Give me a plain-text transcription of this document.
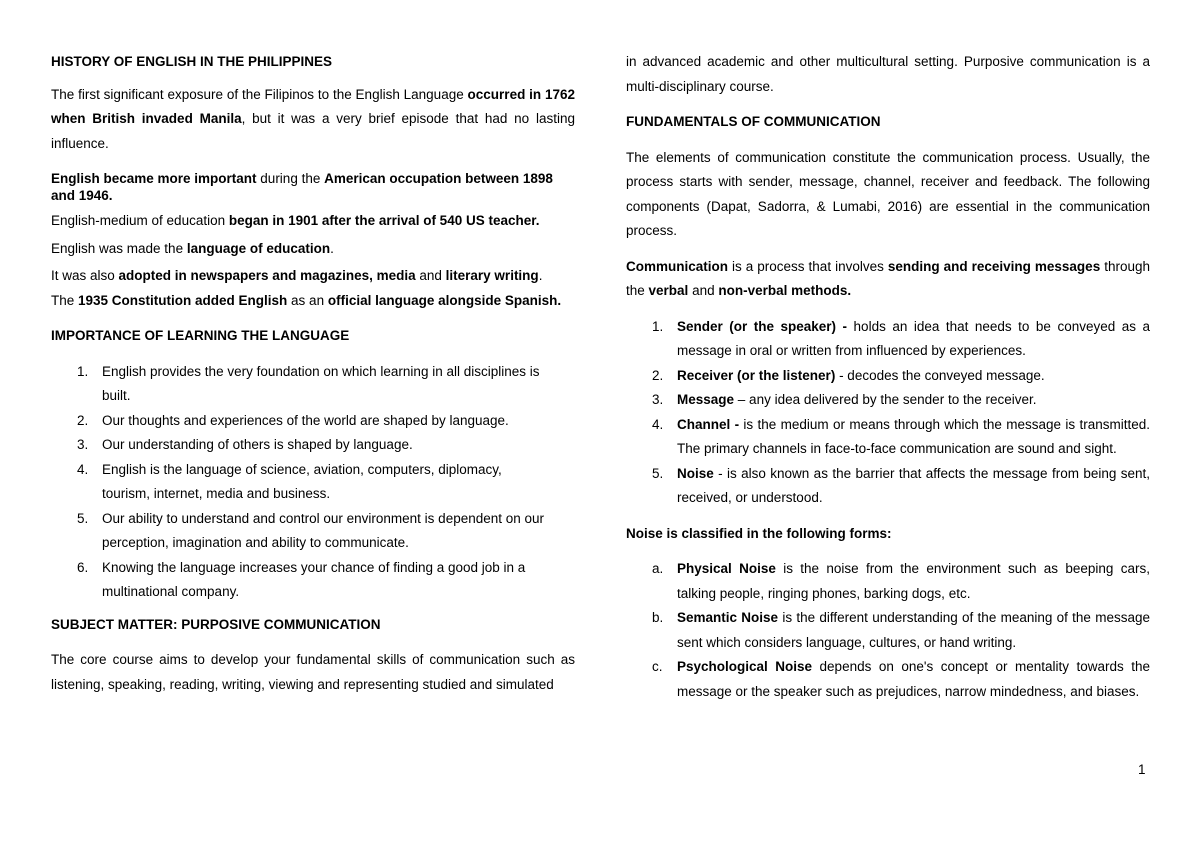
HISTORY OF ENGLISH IN THE PHILIPPINES

The first significant exposure of the Filipinos to the English Language occurred in 1762 when British invaded Manila, but it was a very brief episode that had no lasting influence.

English became more important during the American occupation between 1898 and 1946.

English-medium of education began in 1901 after the arrival of 540 US teacher.

English was made the language of education.

It was also adopted in newspapers and magazines, media and literary writing.

The 1935 Constitution added English as an official language alongside Spanish.

IMPORTANCE OF LEARNING THE LANGUAGE
1. English provides the very foundation on which learning in all disciplines is built.
2. Our thoughts and experiences of the world are shaped by language.
3. Our understanding of others is shaped by language.
4. English is the language of science, aviation, computers, diplomacy, tourism, internet, media and business.
5. Our ability to understand and control our environment is dependent on our perception, imagination and ability to communicate.
6. Knowing the language increases your chance of finding a good job in a multinational company.
SUBJECT MATTER: PURPOSIVE COMMUNICATION

The core course aims to develop your fundamental skills of communication such as listening, speaking, reading, writing, viewing and representing studied and simulated

in advanced academic and other multicultural setting. Purposive communication is a multi-disciplinary course.

FUNDAMENTALS OF COMMUNICATION

The elements of communication constitute the communication process. Usually, the process starts with sender, message, channel, receiver and feedback. The following components (Dapat, Sadorra, & Lumabi, 2016) are essential in the communication process.

Communication is a process that involves sending and receiving messages through the verbal and non-verbal methods.

1. Sender (or the speaker) - holds an idea that needs to be conveyed as a message in oral or written from influenced by experiences.
2. Receiver (or the listener) - decodes the conveyed message.
3. Message – any idea delivered by the sender to the receiver.
4. Channel - is the medium or means through which the message is transmitted. The primary channels in face-to-face communication are sound and sight.
5. Noise - is also known as the barrier that affects the message from being sent, received, or understood.
Noise is classified in the following forms:
a. Physical Noise is the noise from the environment such as beeping cars, talking people, ringing phones, barking dogs, etc.
b. Semantic Noise is the different understanding of the meaning of the message sent which considers language, cultures, or hand writing.
c. Psychological Noise depends on one's concept or mentality towards the message or the speaker such as prejudices, narrow mindedness, and biases.
1
